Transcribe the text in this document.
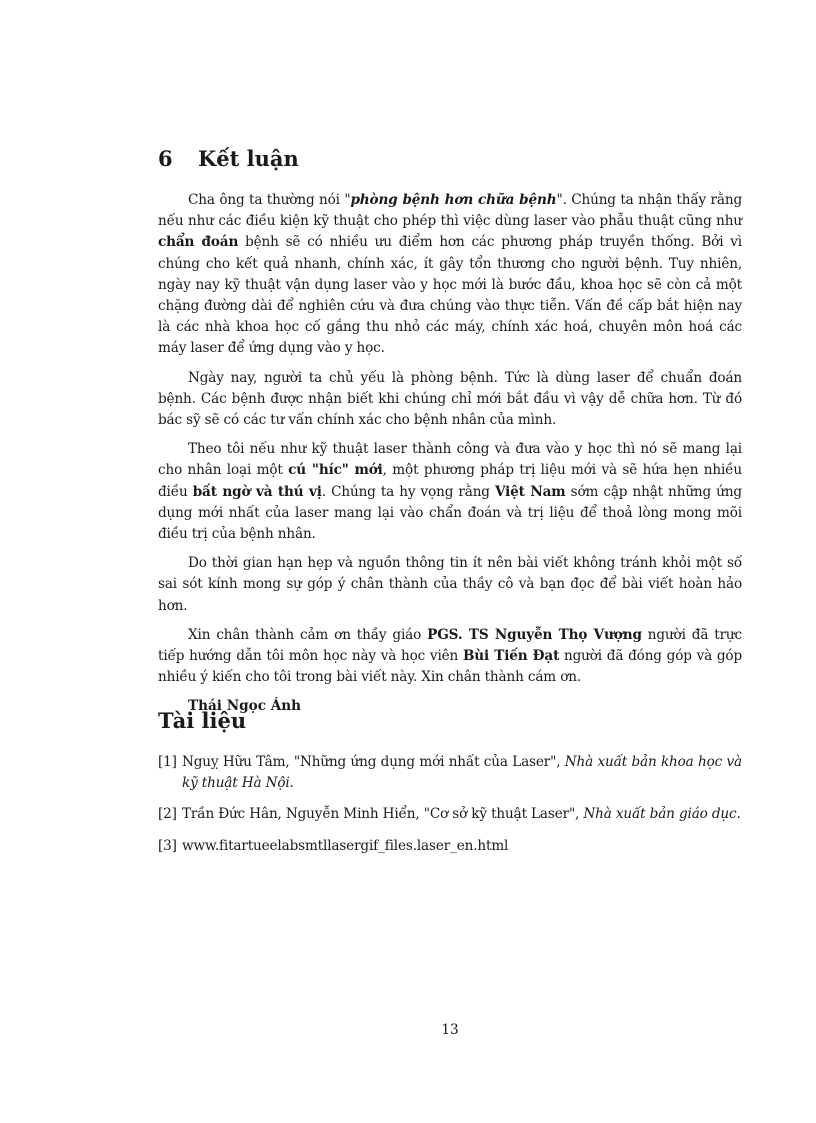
6 Kết luận

Cha ông ta thường nói "phòng bệnh hơn chữa bệnh". Chúng ta nhận thấy rằng nếu như các điều kiện kỹ thuật cho phép thì việc dùng laser vào phẫu thuật cũng như chẩn đoán bệnh sẽ có nhiều ưu điểm hơn các phương pháp truyền thống. Bởi vì chúng cho kết quả nhanh, chính xác, ít gây tổn thương cho người bệnh. Tuy nhiên, ngày nay kỹ thuật vận dụng laser vào y học mới là bước đầu, khoa học sẽ còn cả một chặng đường dài để nghiên cứu và đưa chúng vào thực tiễn. Vấn đề cấp bắt hiện nay là các nhà khoa học cố gắng thu nhỏ các máy, chính xác hoá, chuyên môn hoá các máy laser để ứng dụng vào y học.

Ngày nay, người ta chủ yếu là phòng bệnh. Tức là dùng laser để chuẩn đoán bệnh. Các bệnh được nhận biết khi chúng chỉ mới bắt đầu vì vậy dễ chữa hơn. Từ đó bác sỹ sẽ có các tư vấn chính xác cho bệnh nhân của mình.

Theo tôi nếu như kỹ thuật laser thành công và đưa vào y học thì nó sẽ mang lại cho nhân loại một cú "híc" mới, một phương pháp trị liệu mới và sẽ hứa hẹn nhiều điều bất ngờ và thú vị. Chúng ta hy vọng rằng Việt Nam sớm cập nhật những ứng dụng mới nhất của laser mang lại vào chẩn đoán và trị liệu để thoả lòng mong mõi điều trị của bệnh nhân.

Do thời gian hạn hẹp và nguồn thông tin ít nên bài viết không tránh khỏi một số sai sót kính mong sự góp ý chân thành của thầy cô và bạn đọc để bài viết hoàn hảo hơn.

Xin chân thành cảm ơn thầy giáo PGS. TS Nguyễn Thọ Vượng người đã trực tiếp hướng dẫn tôi môn học này và học viên Bùi Tiến Đạt người đã đóng góp và góp nhiều ý kiến cho tôi trong bài viết này. Xin chân thành cám ơn.

Thái Ngọc Ánh

Tài liệu
[1] Nguỵ Hữu Tâm, "Những ứng dụng mới nhất của Laser", Nhà xuất bản khoa học và kỹ thuật Hà Nội.
[2] Trần Đức Hân, Nguyễn Minh Hiển, "Cơ sở kỹ thuật Laser", Nhà xuất bản giáo dục.
[3] www.fitartueelabsmtllasergif_files.laser_en.html
13
